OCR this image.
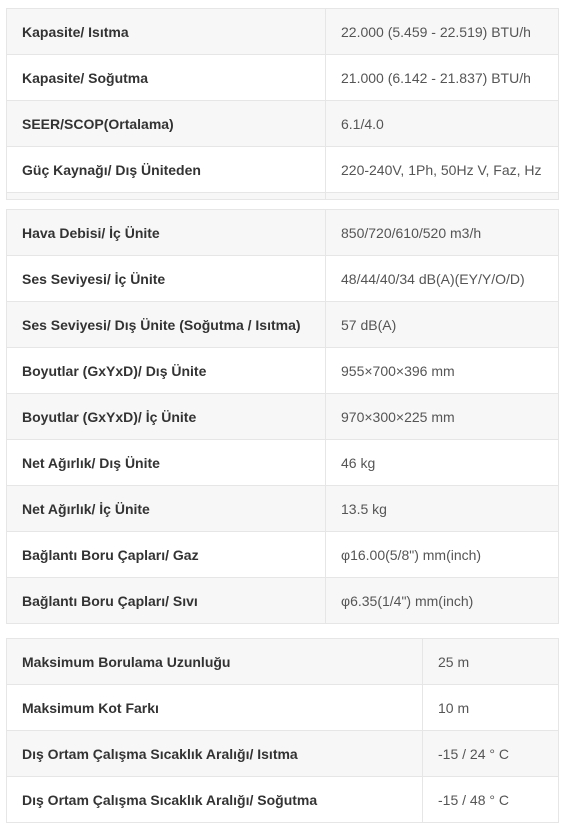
Kapasite/ Isıtma	22.000 (5.459 - 22.519) BTU/h
Kapasite/ Soğutma	21.000 (6.142 - 21.837) BTU/h
SEER/SCOP(Ortalama)	6.1/4.0
Güç Kaynağı/ Dış Üniteden	220-240V, 1Ph, 50Hz V, Faz, Hz

Hava Debisi/ İç Ünite	850/720/610/520 m3/h
Ses Seviyesi/ İç Ünite	48/44/40/34 dB(A)(EY/Y/O/D)
Ses Seviyesi/ Dış Ünite (Soğutma / Isıtma)	57 dB(A)
Boyutlar (GxYxD)/ Dış Ünite	955×700×396 mm
Boyutlar (GxYxD)/ İç Ünite	970×300×225 mm
Net Ağırlık/ Dış Ünite	46 kg
Net Ağırlık/ İç Ünite	13.5 kg
Bağlantı Boru Çapları/ Gaz	φ16.00(5/8") mm(inch)
Bağlantı Boru Çapları/ Sıvı	φ6.35(1/4") mm(inch)
Maksimum Borulama Uzunluğu	25 m
Maksimum Kot Farkı	10 m
Dış Ortam Çalışma Sıcaklık Aralığı/ Isıtma	-15 / 24 ° C
Dış Ortam Çalışma Sıcaklık Aralığı/ Soğutma	-15 / 48 ° C
